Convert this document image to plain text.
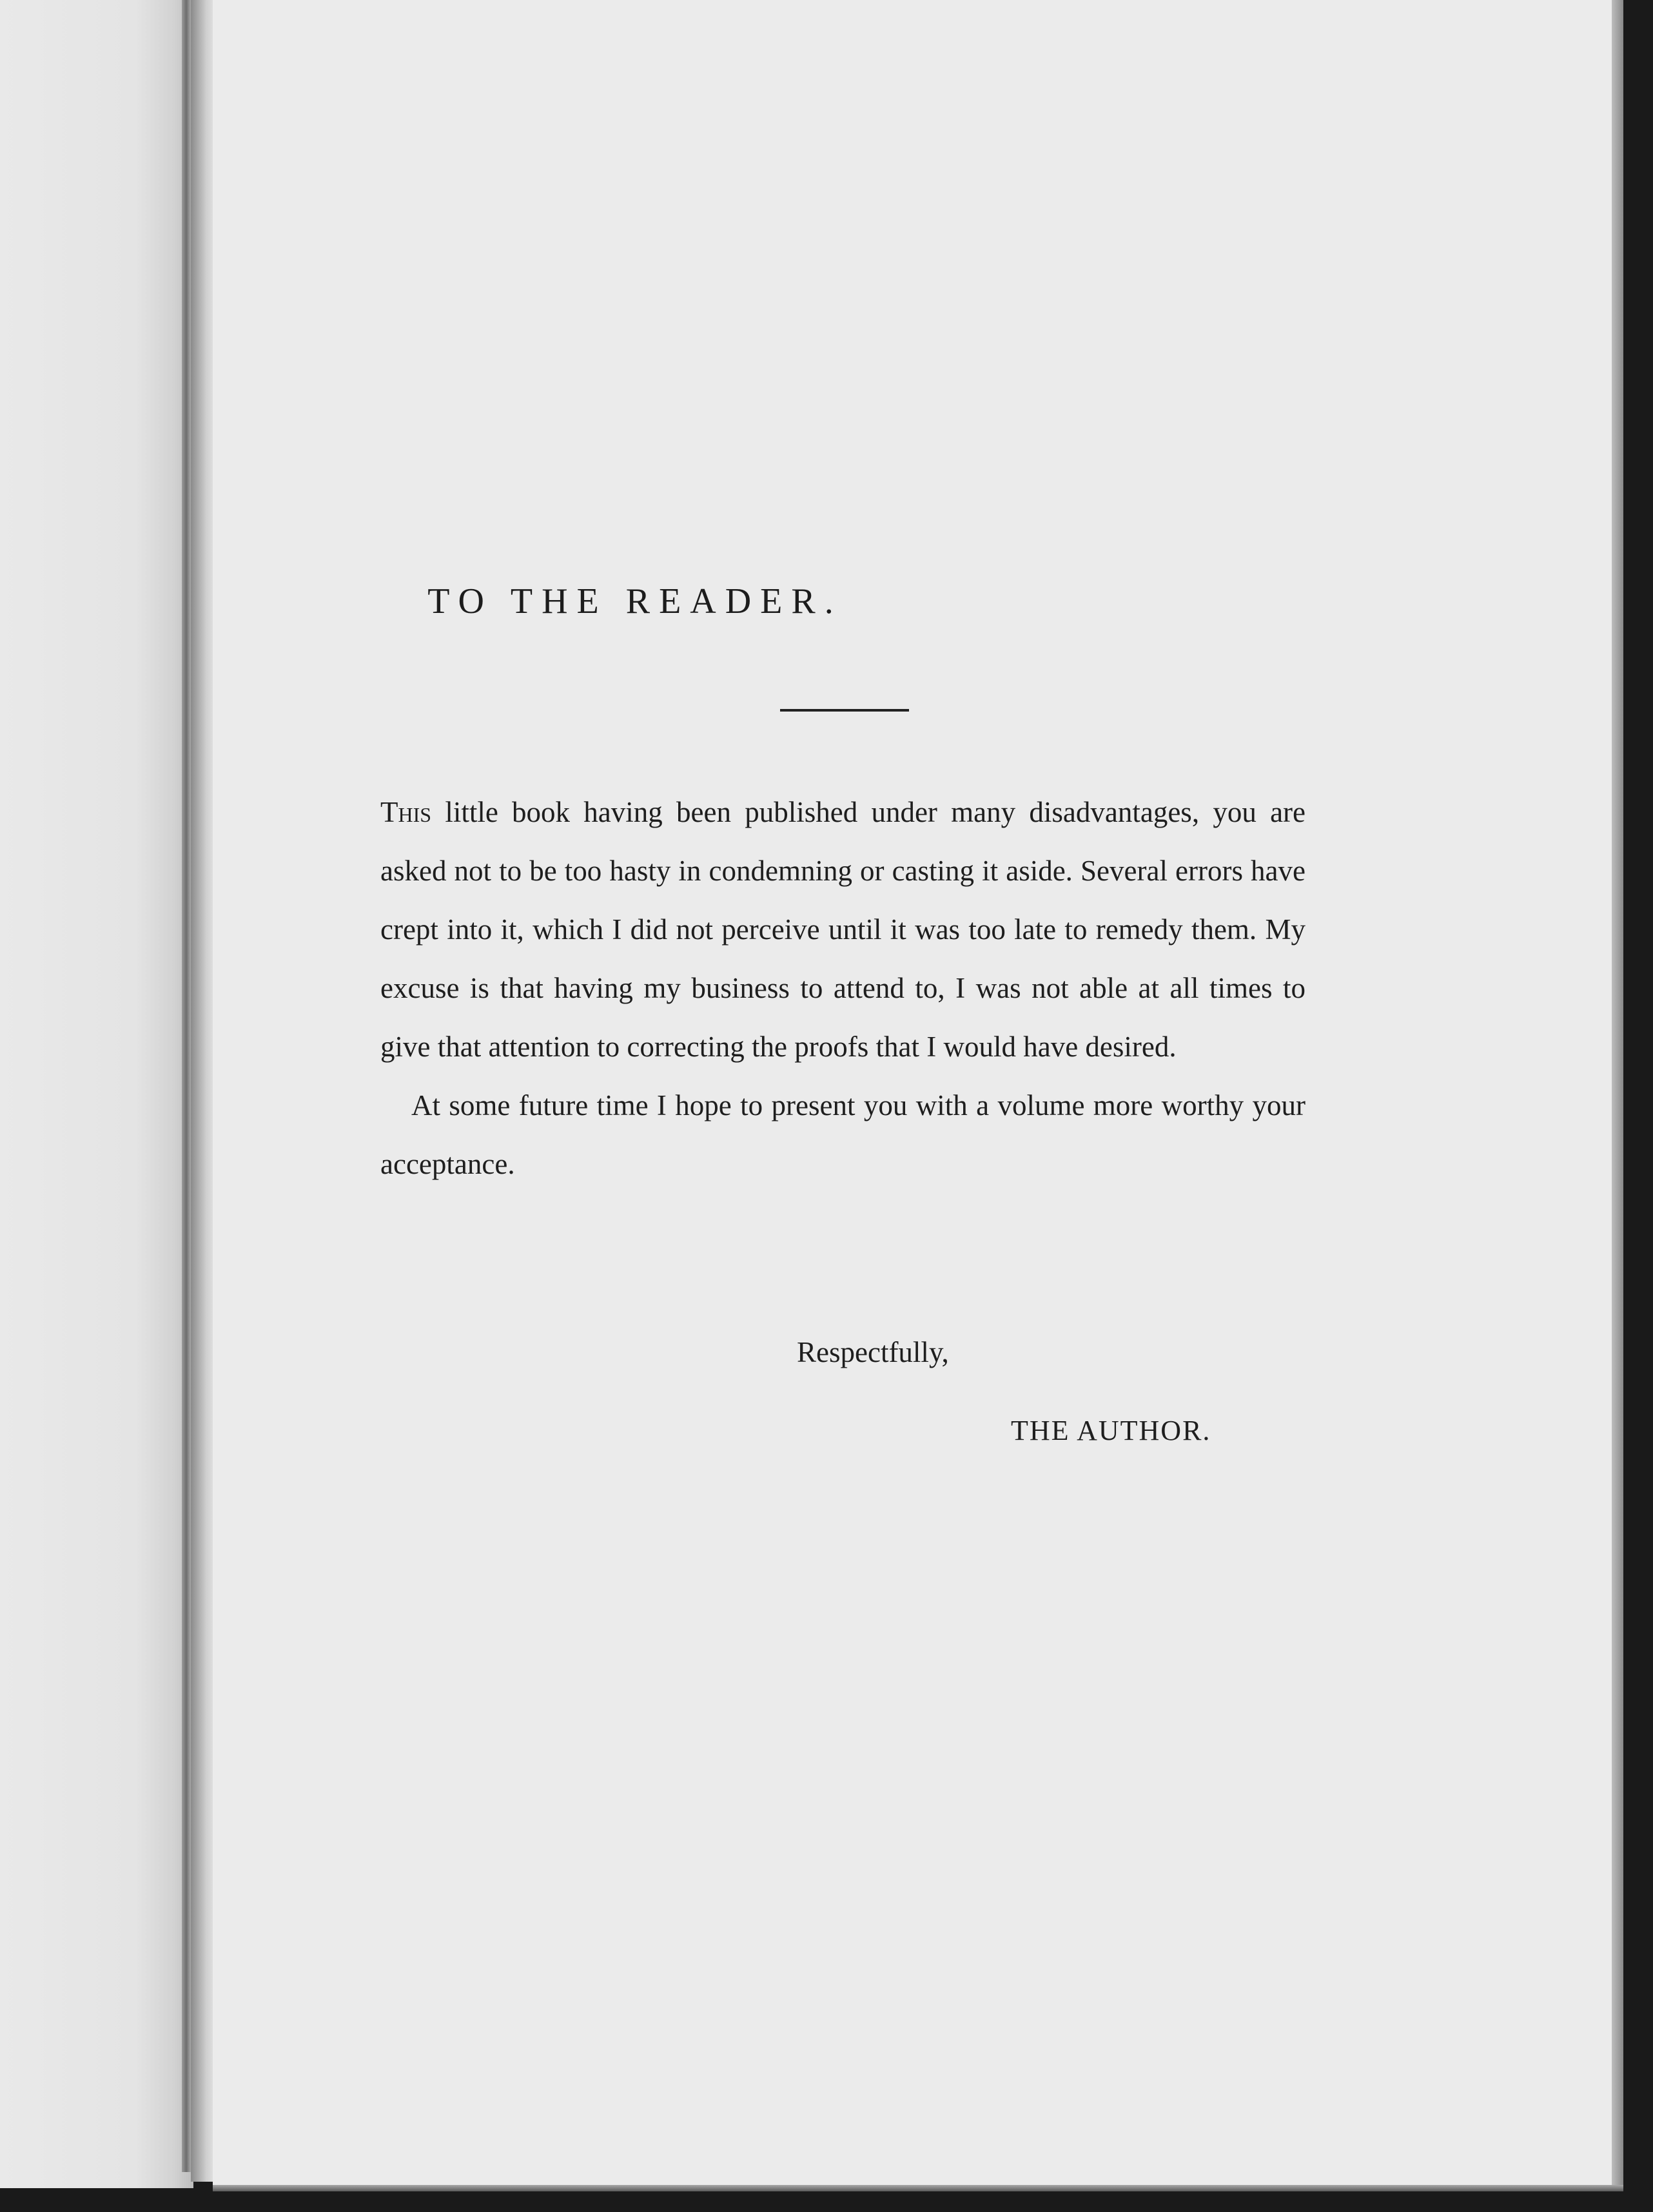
TO THE READER.

This little book having been published under many disadvantages, you are asked not to be too hasty in condemning or casting it aside. Several errors have crept into it, which I did not perceive until it was too late to remedy them. My excuse is that having my business to attend to, I was not able at all times to give that attention to correcting the proofs that I would have desired.

At some future time I hope to present you with a volume more worthy your acceptance.

Respectfully,
THE AUTHOR.
